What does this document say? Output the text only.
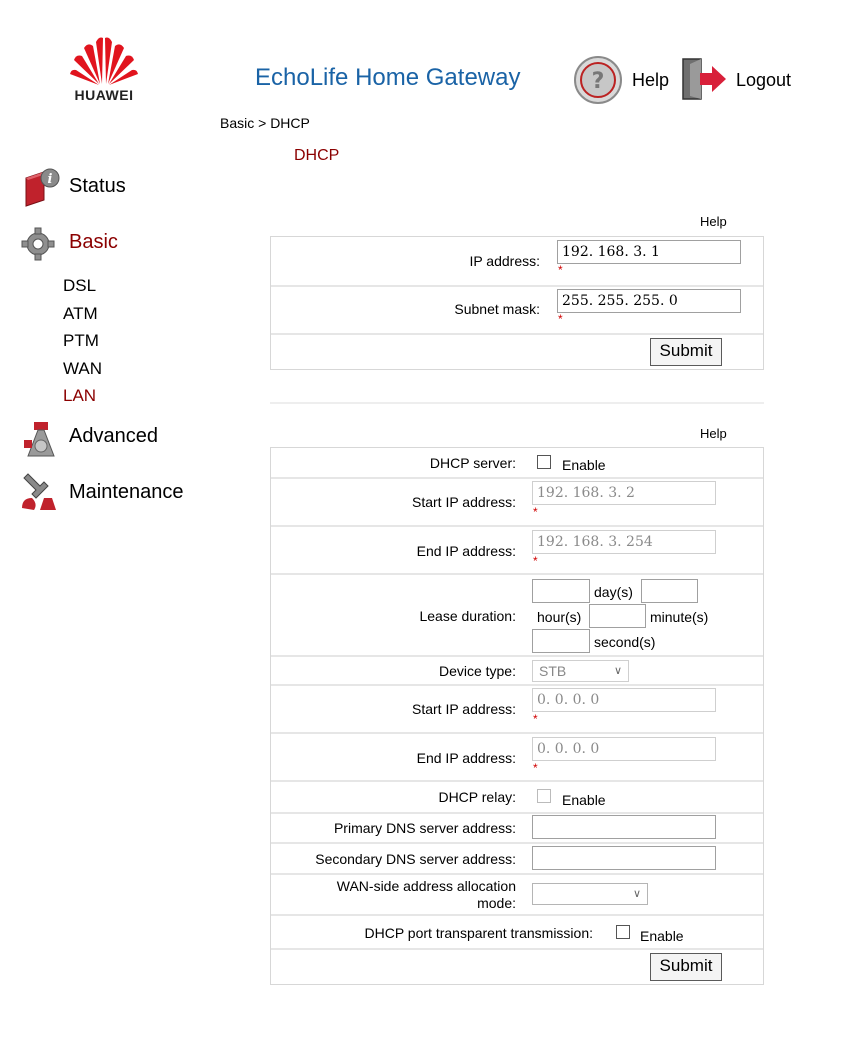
HUAWEI
EchoLife Home Gateway	? Help	Logout
Basic > DHCP
DHCP
i Status
Basic
DSL
ATM
PTM
WAN
LAN
Advanced
Maintenance
Help
IP address:
192. 168. 3. 1
*
Subnet mask:
255. 255. 255. 0
*
Submit
Help
DHCP server:	Enable
Start IP address:
192. 168. 3. 2
*
End IP address:
192. 168. 3. 254
*
Lease duration:
day(s)
hour(s)	minute(s)
second(s)
Device type:	STB	∨
Start IP address:
0. 0. 0. 0
*
End IP address:
0. 0. 0. 0
*
DHCP relay:	Enable
Primary DNS server address:
Secondary DNS server address:
WAN-side address allocation
mode:
∨
DHCP port transparent transmission:	Enable
Submit
